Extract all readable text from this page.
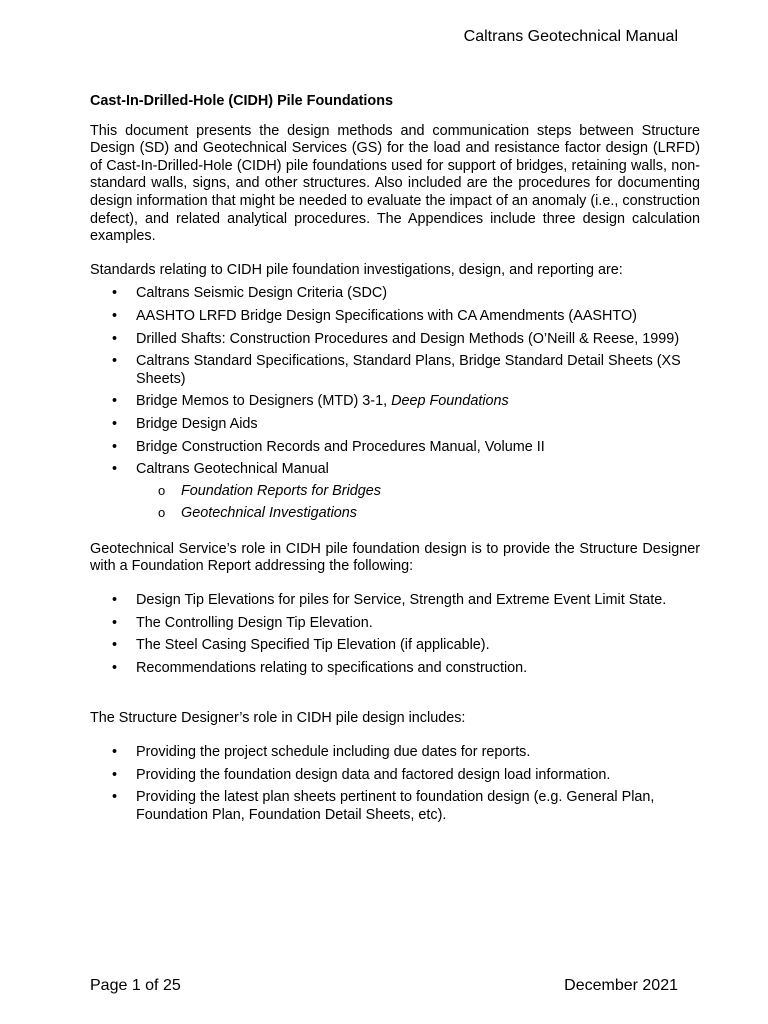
Caltrans Geotechnical Manual
Cast-In-Drilled-Hole (CIDH) Pile Foundations

This document presents the design methods and communication steps between Structure Design (SD) and Geotechnical Services (GS) for the load and resistance factor design (LRFD) of Cast-In-Drilled-Hole (CIDH) pile foundations used for support of bridges, retaining walls, non-standard walls, signs, and other structures. Also included are the procedures for documenting design information that might be needed to evaluate the impact of an anomaly (i.e., construction defect), and related analytical procedures. The Appendices include three design calculation examples.

Standards relating to CIDH pile foundation investigations, design, and reporting are:

• Caltrans Seismic Design Criteria (SDC)
• AASHTO LRFD Bridge Design Specifications with CA Amendments (AASHTO)
• Drilled Shafts: Construction Procedures and Design Methods (O’Neill & Reese, 1999)
• Caltrans Standard Specifications, Standard Plans, Bridge Standard Detail Sheets (XS Sheets)
• Bridge Memos to Designers (MTD) 3-1, Deep Foundations
• Bridge Design Aids
• Bridge Construction Records and Procedures Manual, Volume II
• Caltrans Geotechnical Manual
o Foundation Reports for Bridges
o Geotechnical Investigations

Geotechnical Service’s role in CIDH pile foundation design is to provide the Structure Designer with a Foundation Report addressing the following:

• Design Tip Elevations for piles for Service, Strength and Extreme Event Limit State.
• The Controlling Design Tip Elevation.
• The Steel Casing Specified Tip Elevation (if applicable).
• Recommendations relating to specifications and construction.

The Structure Designer’s role in CIDH pile design includes:

• Providing the project schedule including due dates for reports.
• Providing the foundation design data and factored design load information.
• Providing the latest plan sheets pertinent to foundation design (e.g. General Plan, Foundation Plan, Foundation Detail Sheets, etc).
Page 1 of 25	December 2021
